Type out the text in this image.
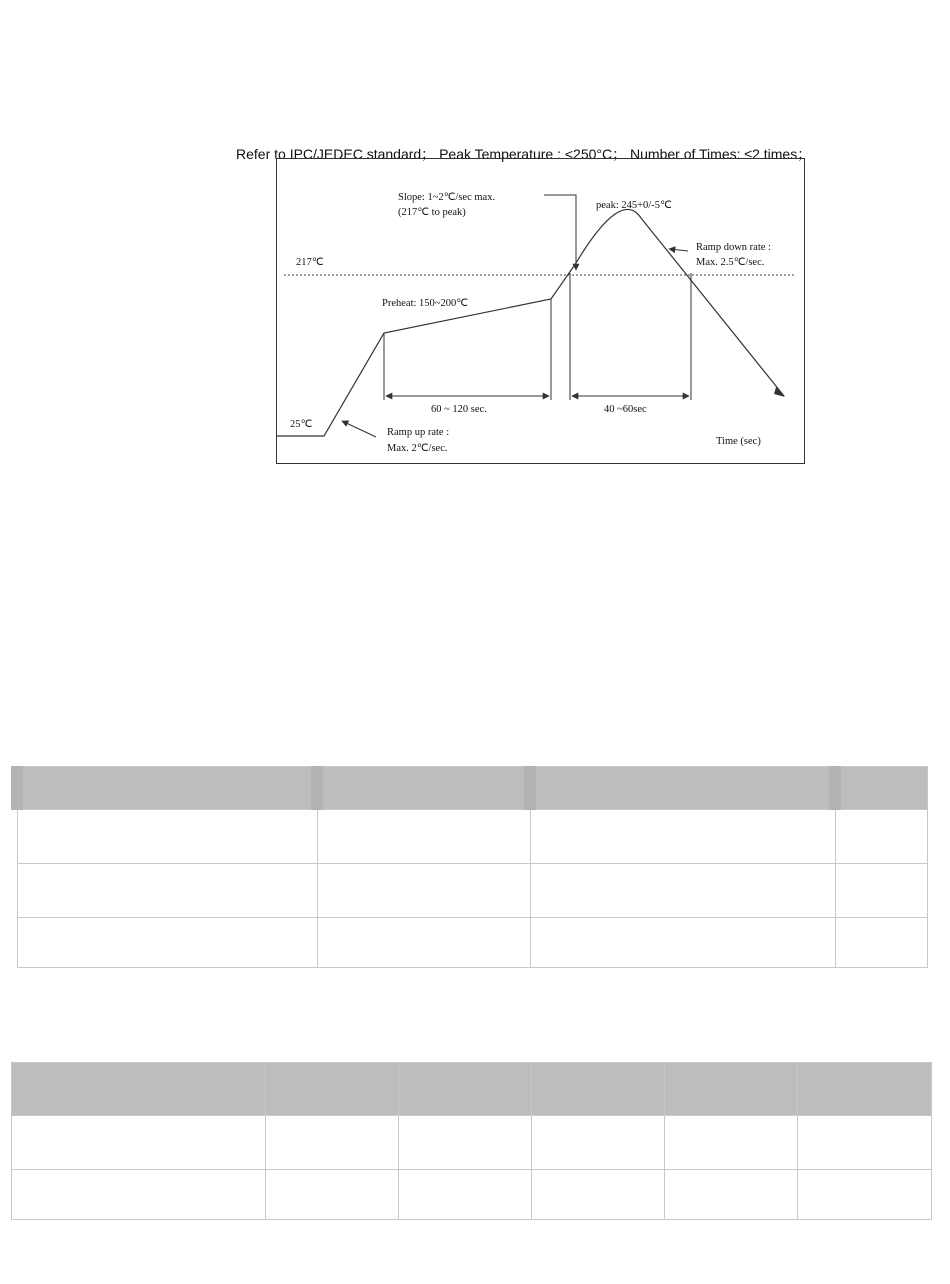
Refer to IPC/JEDEC standard； Peak Temperature : <250°C； Number of Times: ≤2 times；
Slope: 1~2℃/sec max.
(217℃ to peak)
peak: 245+0/-5℃
Ramp down rate :
Max. 2.5℃/sec.
217℃
Preheat: 150~200℃
60 ~ 120 sec.	40 ~60sec
25℃
Ramp up rate :
Max. 2℃/sec.
Time (sec)
